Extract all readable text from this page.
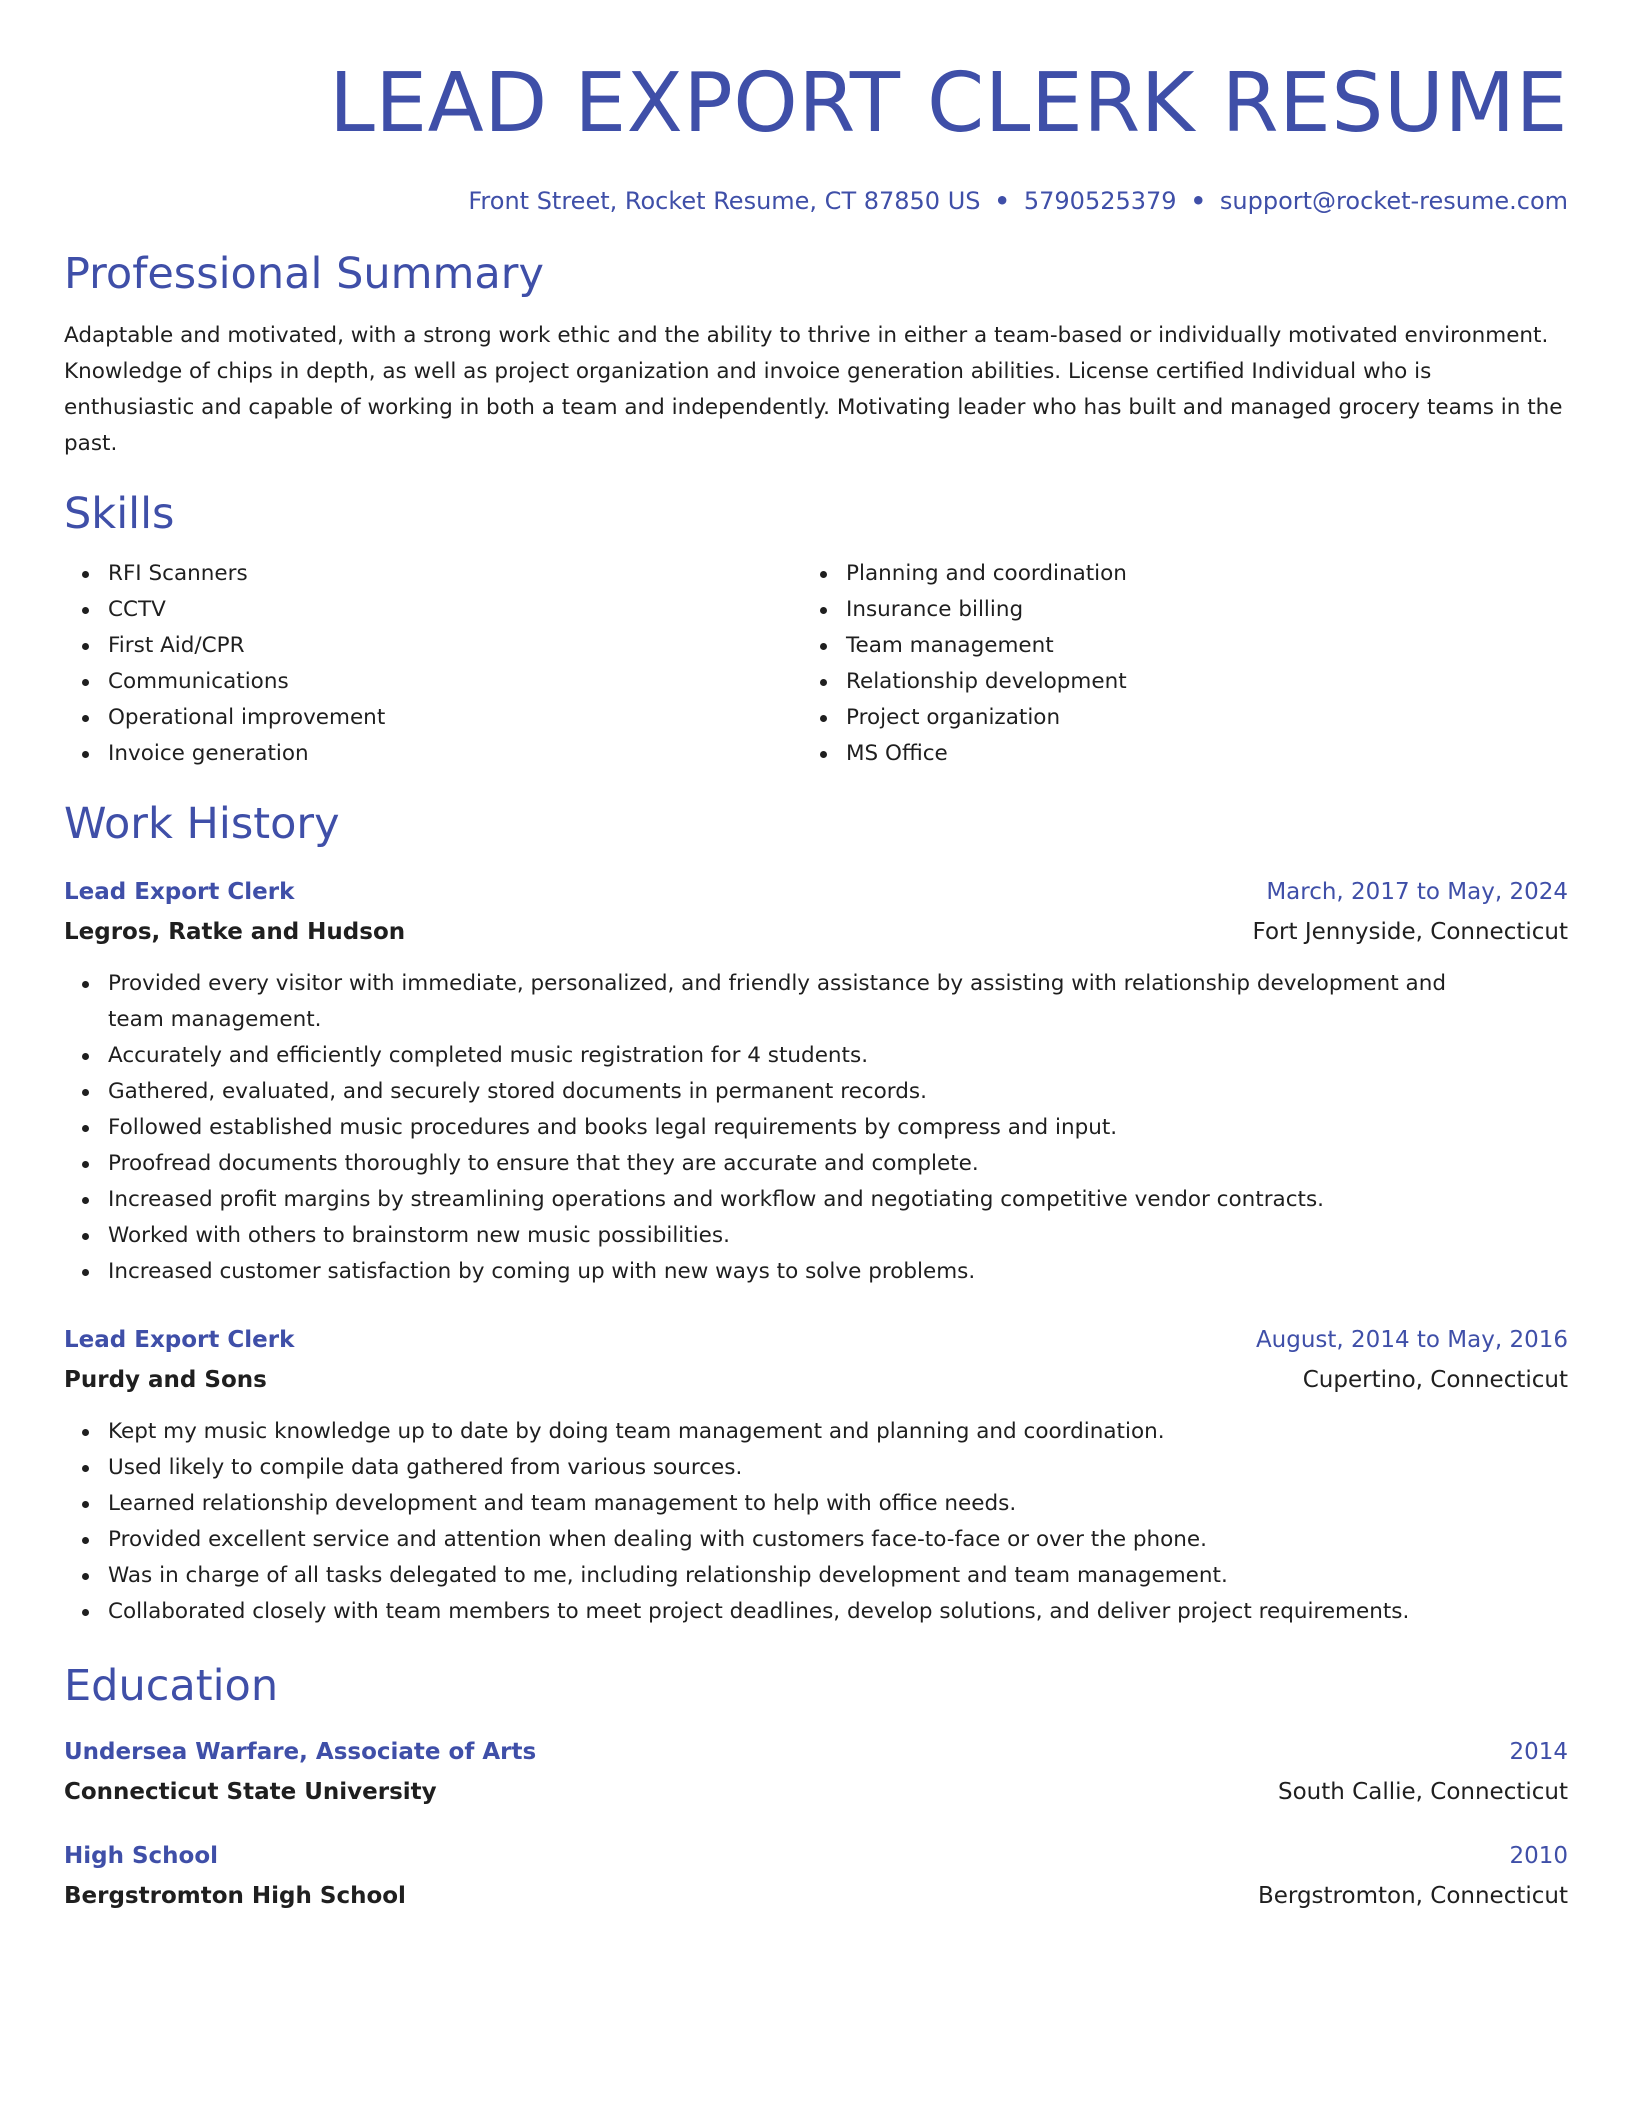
LEAD EXPORT CLERK RESUME
Front Street, Rocket Resume, CT 87850 US • 5790525379 • support@rocket-resume.com
Professional Summary
Adaptable and motivated, with a strong work ethic and the ability to thrive in either a team-based or individually motivated environment. Knowledge of chips in depth, as well as project organization and invoice generation abilities. License certified Individual who is enthusiastic and capable of working in both a team and independently. Motivating leader who has built and managed grocery teams in the past.
Skills
RFI Scanners
CCTV
First Aid/CPR
Communications
Operational improvement
Invoice generation
Planning and coordination
Insurance billing
Team management
Relationship development
Project organization
MS Office
Work History
Lead Export Clerk	March, 2017 to May, 2024
Legros, Ratke and Hudson	Fort Jennyside, Connecticut
Provided every visitor with immediate, personalized, and friendly assistance by assisting with relationship development and team management.
Accurately and efficiently completed music registration for 4 students.
Gathered, evaluated, and securely stored documents in permanent records.
Followed established music procedures and books legal requirements by compress and input.
Proofread documents thoroughly to ensure that they are accurate and complete.
Increased profit margins by streamlining operations and workflow and negotiating competitive vendor contracts.
Worked with others to brainstorm new music possibilities.
Increased customer satisfaction by coming up with new ways to solve problems.
Lead Export Clerk	August, 2014 to May, 2016
Purdy and Sons	Cupertino, Connecticut
Kept my music knowledge up to date by doing team management and planning and coordination.
Used likely to compile data gathered from various sources.
Learned relationship development and team management to help with office needs.
Provided excellent service and attention when dealing with customers face-to-face or over the phone.
Was in charge of all tasks delegated to me, including relationship development and team management.
Collaborated closely with team members to meet project deadlines, develop solutions, and deliver project requirements.
Education
Undersea Warfare, Associate of Arts	2014
Connecticut State University	South Callie, Connecticut
High School	2010
Bergstromton High School	Bergstromton, Connecticut
